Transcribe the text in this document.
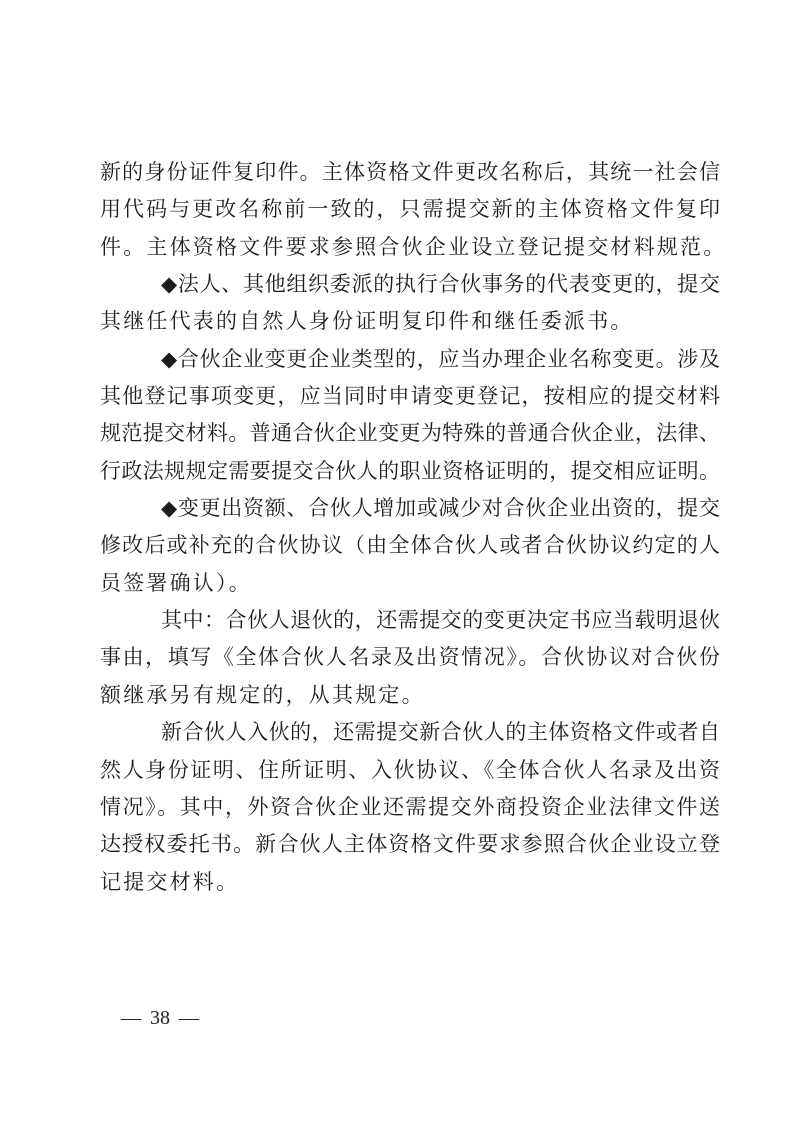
新的身份证件复印件。主体资格文件更改名称后，其统一社会信
用代码与更改名称前一致的，只需提交新的主体资格文件复印
件。主体资格文件要求参照合伙企业设立登记提交材料规范。
◆法人、其他组织委派的执行合伙事务的代表变更的，提交
其继任代表的自然人身份证明复印件和继任委派书。
◆合伙企业变更企业类型的，应当办理企业名称变更。涉及
其他登记事项变更，应当同时申请变更登记，按相应的提交材料
规范提交材料。普通合伙企业变更为特殊的普通合伙企业，法律、
行政法规规定需要提交合伙人的职业资格证明的，提交相应证明。
◆变更出资额、合伙人增加或减少对合伙企业出资的，提交
修改后或补充的合伙协议（由全体合伙人或者合伙协议约定的人
员签署确认）。
其中：合伙人退伙的，还需提交的变更决定书应当载明退伙
事由，填写《全体合伙人名录及出资情况》。合伙协议对合伙份
额继承另有规定的，从其规定。
新合伙人入伙的，还需提交新合伙人的主体资格文件或者自
然人身份证明、住所证明、入伙协议、《全体合伙人名录及出资
情况》。其中，外资合伙企业还需提交外商投资企业法律文件送
达授权委托书。新合伙人主体资格文件要求参照合伙企业设立登
记提交材料。
— 38 —
